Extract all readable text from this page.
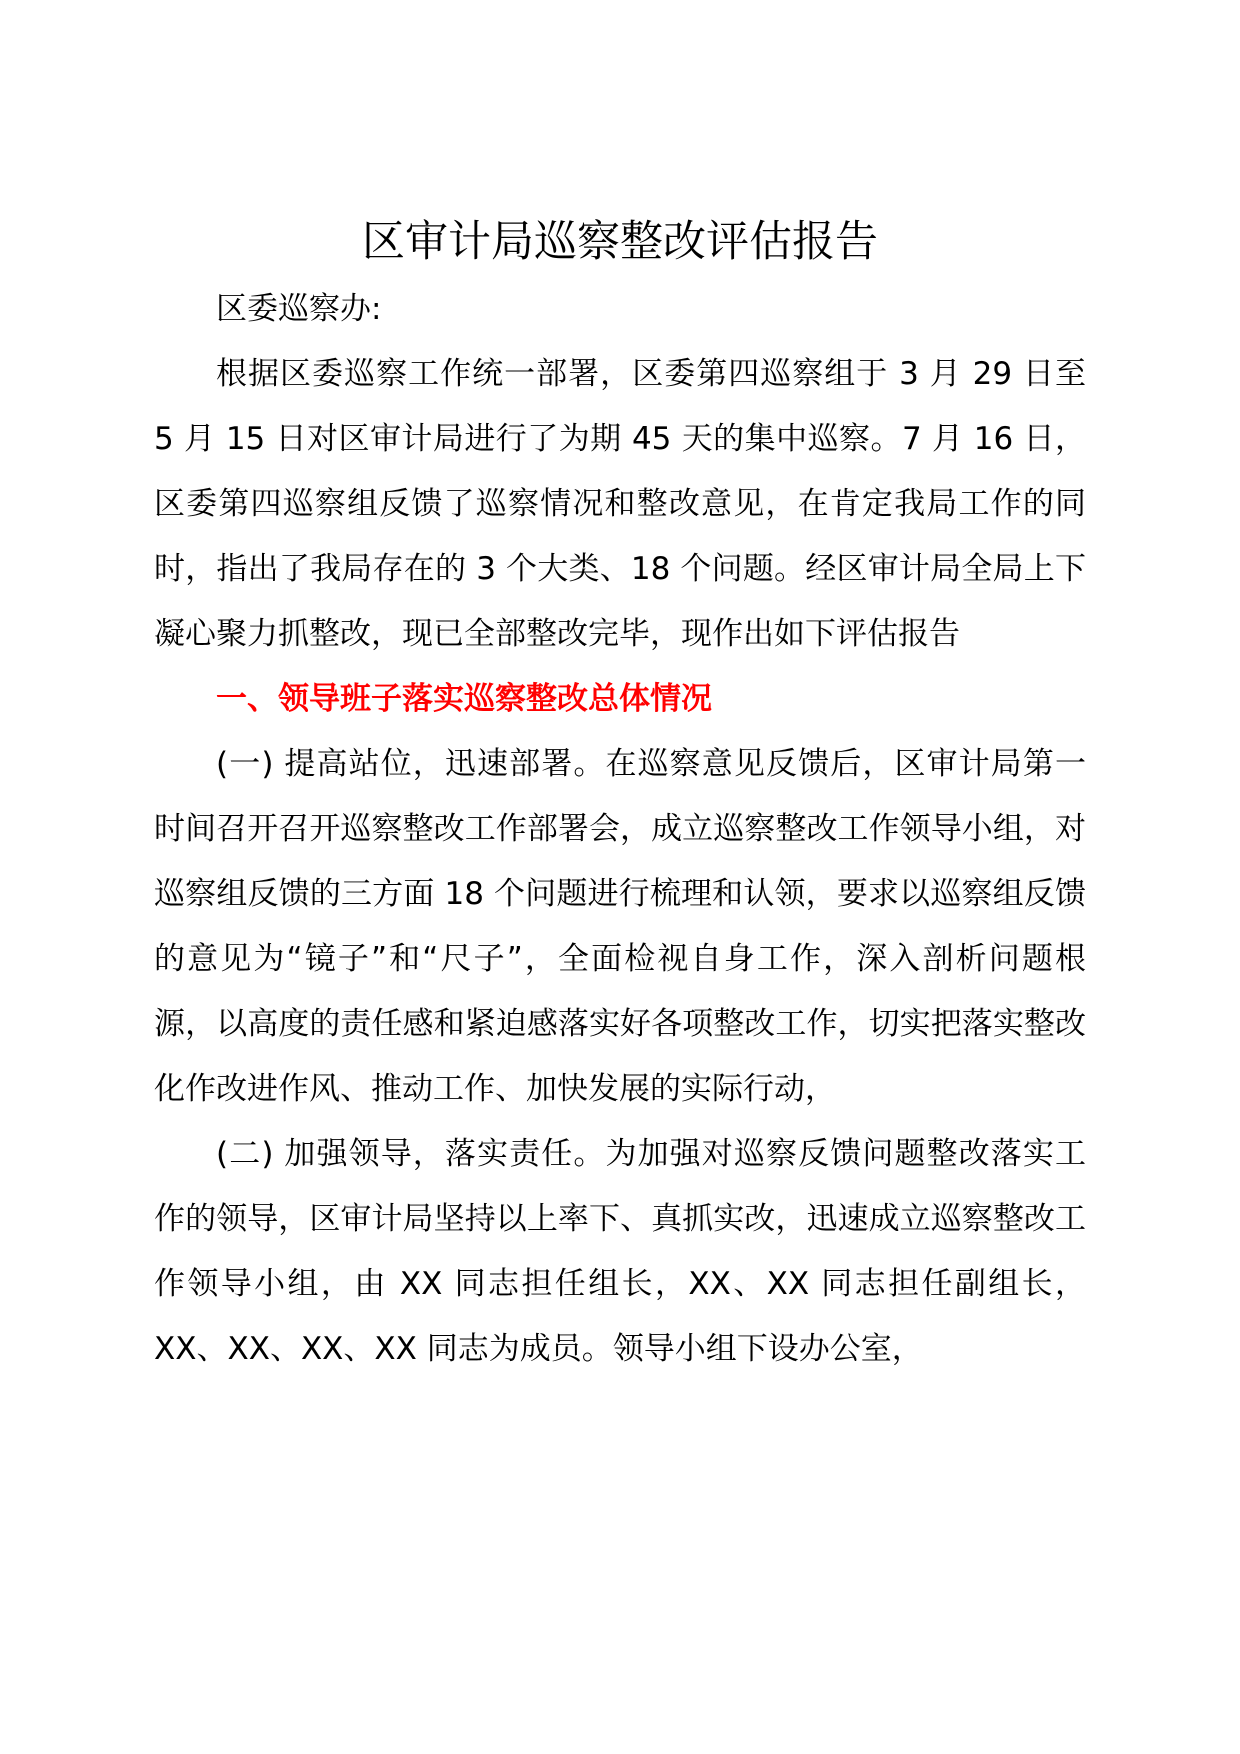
区审计局巡察整改评估报告

区委巡察办:

根据区委巡察工作统一部署，区委第四巡察组于 3 月 29 日至 5 月 15 日对区审计局进行了为期 45 天的集中巡察。7 月 16 日，区委第四巡察组反馈了巡察情况和整改意见，在肯定我局工作的同时，指出了我局存在的 3 个大类、18 个问题。经区审计局全局上下凝心聚力抓整改，现已全部整改完毕，现作出如下评估报告

一、领导班子落实巡察整改总体情况

(一) 提高站位，迅速部署。在巡察意见反馈后，区审计局第一时间召开召开巡察整改工作部署会，成立巡察整改工作领导小组，对巡察组反馈的三方面 18 个问题进行梳理和认领，要求以巡察组反馈的意见为“镜子”和“尺子”，全面检视自身工作，深入剖析问题根源，以高度的责任感和紧迫感落实好各项整改工作，切实把落实整改化作改进作风、推动工作、加快发展的实际行动，

(二) 加强领导，落实责任。为加强对巡察反馈问题整改落实工作的领导，区审计局坚持以上率下、真抓实改，迅速成立巡察整改工作领导小组，由 XX 同志担任组长，XX、XX 同志担任副组长，XX、XX、XX、XX 同志为成员。领导小组下设办公室，
